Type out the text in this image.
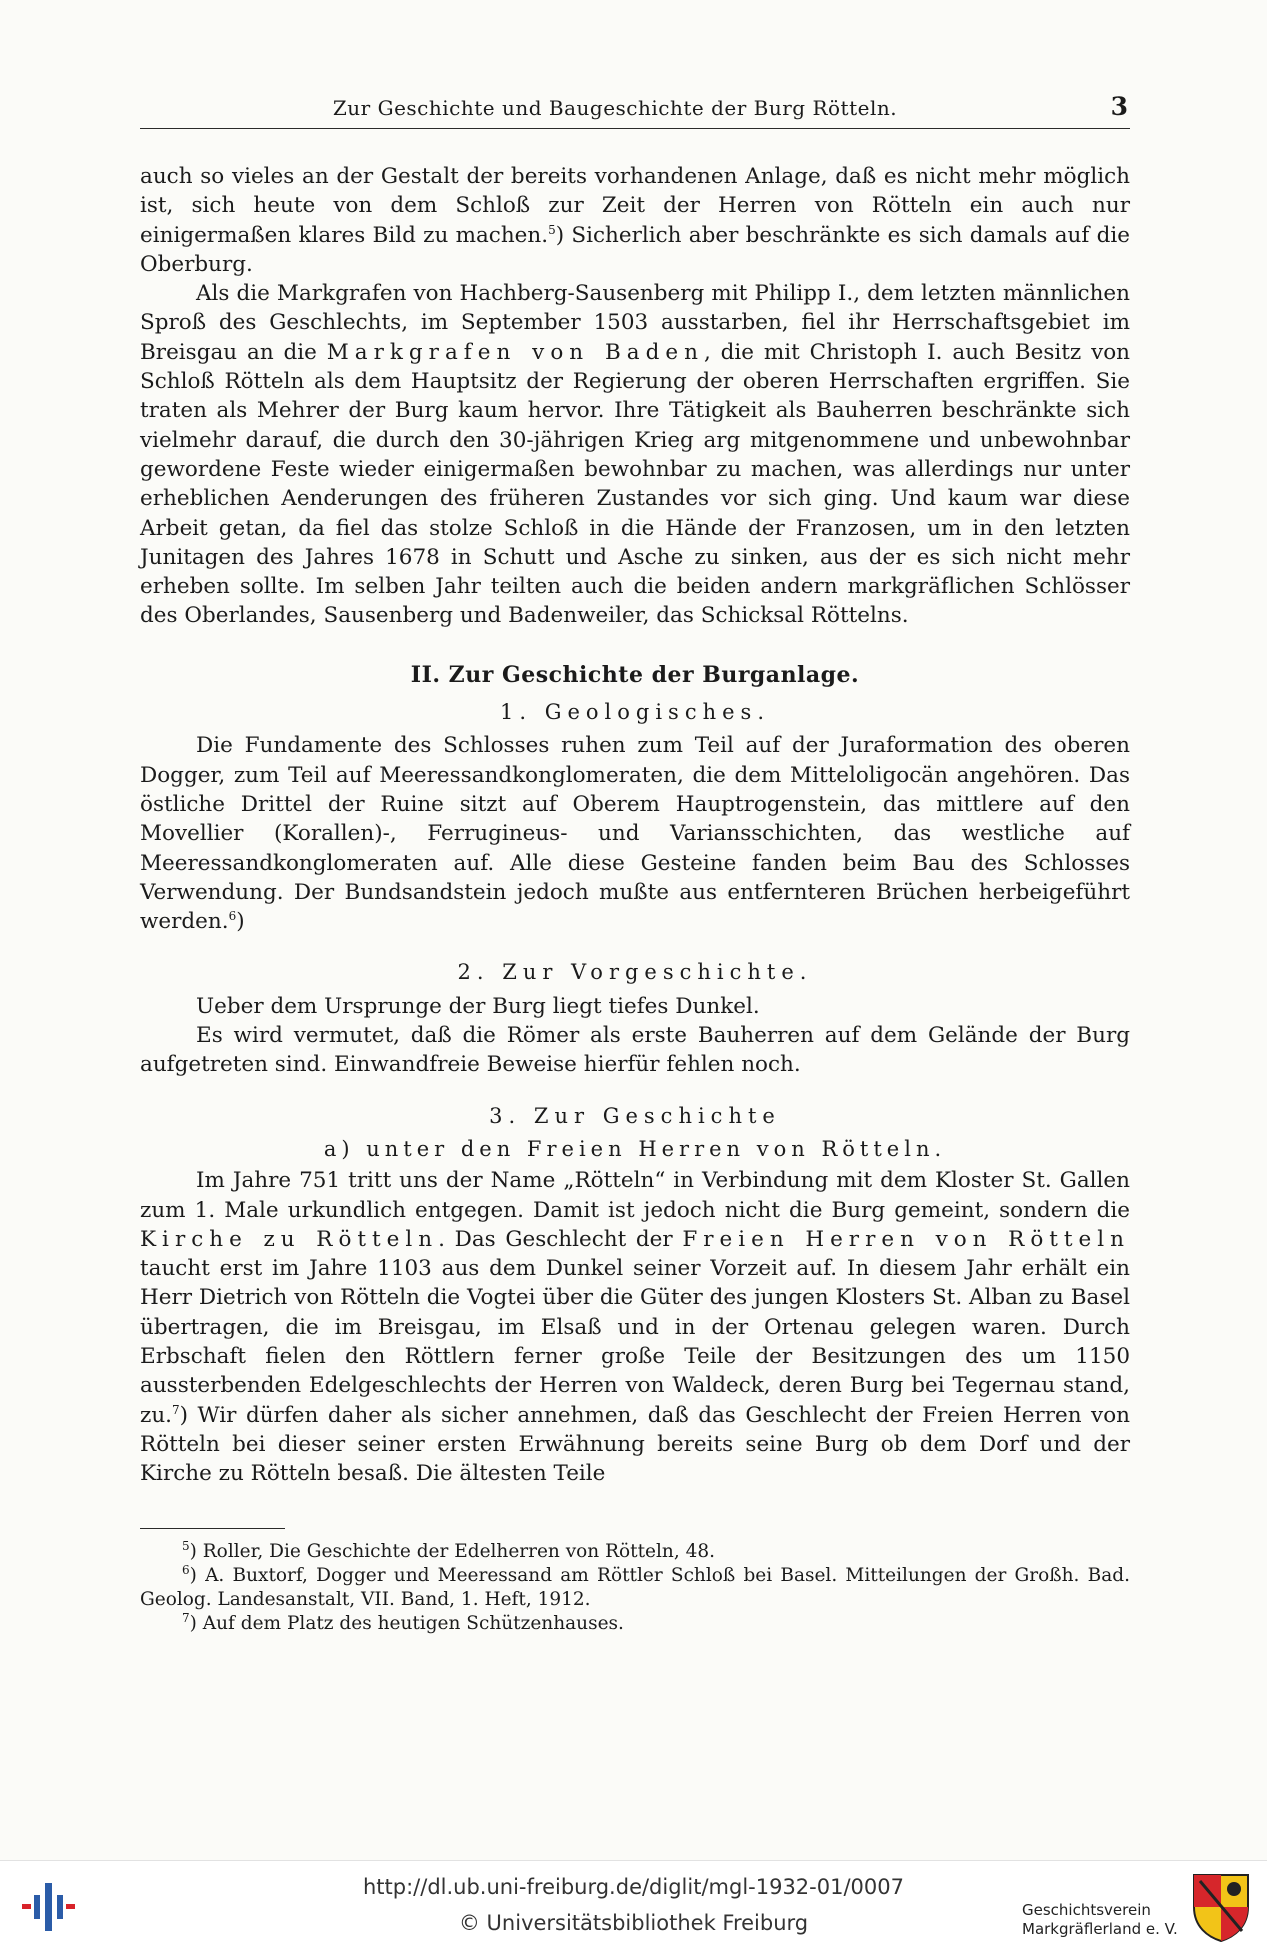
Zur Geschichte und Baugeschichte der Burg Rötteln.	3

auch so vieles an der Gestalt der bereits vorhandenen Anlage, daß es nicht mehr möglich ist, sich heute von dem Schloß zur Zeit der Herren von Rötteln ein auch nur einigermaßen klares Bild zu machen.$^5$) Sicherlich aber beschränkte es sich damals auf die Oberburg.

Als die Markgrafen von Hachberg-Sausenberg mit Philipp I., dem letzten männlichen Sproß des Geschlechts, im September 1503 ausstarben, fiel ihr Herrschaftsgebiet im Breisgau an die Markgrafen von Baden, die mit Christoph I. auch Besitz von Schloß Rötteln als dem Hauptsitz der Regierung der oberen Herrschaften ergriffen. Sie traten als Mehrer der Burg kaum hervor. Ihre Tätigkeit als Bauherren beschränkte sich vielmehr darauf, die durch den 30-jährigen Krieg arg mitgenommene und unbewohnbar gewordene Feste wieder einigermaßen bewohnbar zu machen, was allerdings nur unter erheblichen Aenderungen des früheren Zustandes vor sich ging. Und kaum war diese Arbeit getan, da fiel das stolze Schloß in die Hände der Franzosen, um in den letzten Junitagen des Jahres 1678 in Schutt und Asche zu sinken, aus der es sich nicht mehr erheben sollte. Im selben Jahr teilten auch die beiden andern markgräflichen Schlösser des Oberlandes, Sausenberg und Badenweiler, das Schicksal Röttelns.

II. Zur Geschichte der Burganlage.
1. Geologisches.

Die Fundamente des Schlosses ruhen zum Teil auf der Juraformation des oberen Dogger, zum Teil auf Meeressandkonglomeraten, die dem Mitteloligocän angehören. Das östliche Drittel der Ruine sitzt auf Oberem Hauptrogenstein, das mittlere auf den Movellier (Korallen)-, Ferrugineus- und Variansschichten, das westliche auf Meeressandkonglomeraten auf. Alle diese Gesteine fanden beim Bau des Schlosses Verwendung. Der Bundsandstein jedoch mußte aus entfernteren Brüchen herbeigeführt werden.$^6$)

2. Zur Vorgeschichte.

Ueber dem Ursprunge der Burg liegt tiefes Dunkel.

Es wird vermutet, daß die Römer als erste Bauherren auf dem Gelände der Burg aufgetreten sind. Einwandfreie Beweise hierfür fehlen noch.

3. Zur Geschichte
a) unter den Freien Herren von Rötteln.

Im Jahre 751 tritt uns der Name „Rötteln“ in Verbindung mit dem Kloster St. Gallen zum 1. Male urkundlich entgegen. Damit ist jedoch nicht die Burg gemeint, sondern die Kirche zu Rötteln. Das Geschlecht der Freien Herren von Rötteln taucht erst im Jahre 1103 aus dem Dunkel seiner Vorzeit auf. In diesem Jahr erhält ein Herr Dietrich von Rötteln die Vogtei über die Güter des jungen Klosters St. Alban zu Basel übertragen, die im Breisgau, im Elsaß und in der Ortenau gelegen waren. Durch Erbschaft fielen den Röttlern ferner große Teile der Besitzungen des um 1150 aussterbenden Edelgeschlechts der Herren von Waldeck, deren Burg bei Tegernau stand, zu.$^7$) Wir dürfen daher als sicher annehmen, daß das Geschlecht der Freien Herren von Rötteln bei dieser seiner ersten Erwähnung bereits seine Burg ob dem Dorf und der Kirche zu Rötteln besaß. Die ältesten Teile

$^5$) Roller, Die Geschichte der Edelherren von Rötteln, 48.

$^6$) A. Buxtorf, Dogger und Meeressand am Röttler Schloß bei Basel. Mitteilungen der Großh. Bad. Geolog. Landesanstalt, VII. Band, 1. Heft, 1912.

$^7$) Auf dem Platz des heutigen Schützenhauses.

http://dl.ub.uni-freiburg.de/diglit/mgl-1932-01/0007
© Universitätsbibliothek Freiburg
Geschichtsverein
Markgräflerland e. V.
